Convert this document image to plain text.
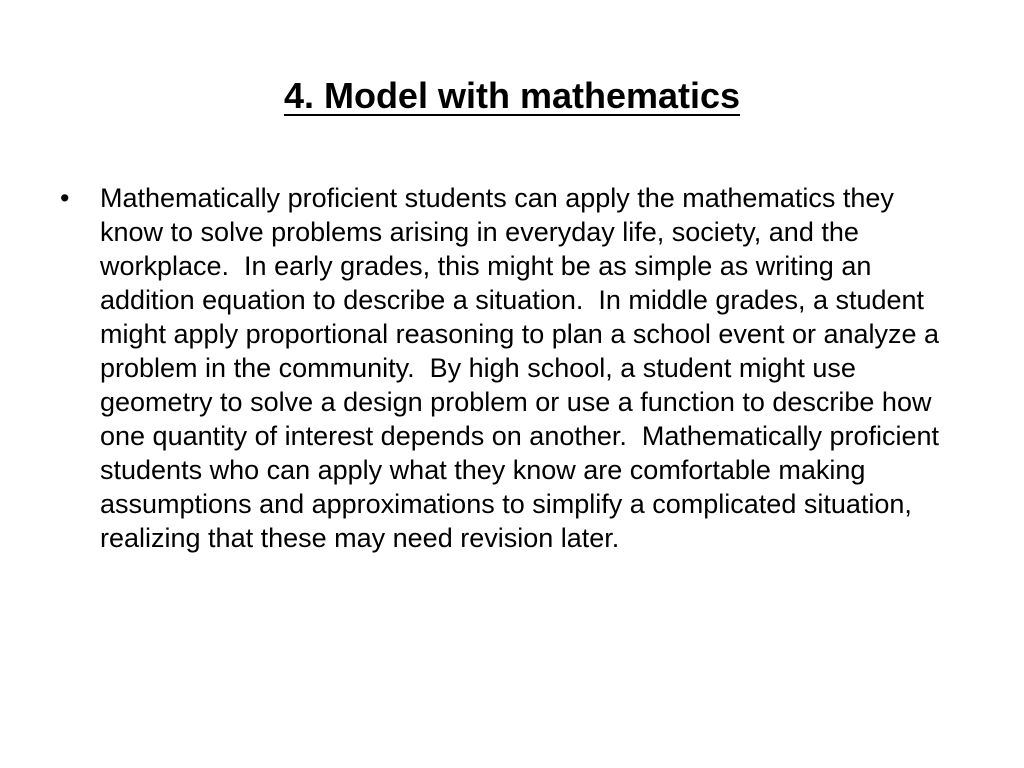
4. Model with mathematics
• Mathematically proficient students can apply the mathematics they know to solve problems arising in everyday life, society, and the workplace.  In early grades, this might be as simple as writing an addition equation to describe a situation.  In middle grades, a student might apply proportional reasoning to plan a school event or analyze a problem in the community.  By high school, a student might use geometry to solve a design problem or use a function to describe how one quantity of interest depends on another.  Mathematically proficient students who can apply what they know are comfortable making assumptions and approximations to simplify a complicated situation, realizing that these may need revision later.
